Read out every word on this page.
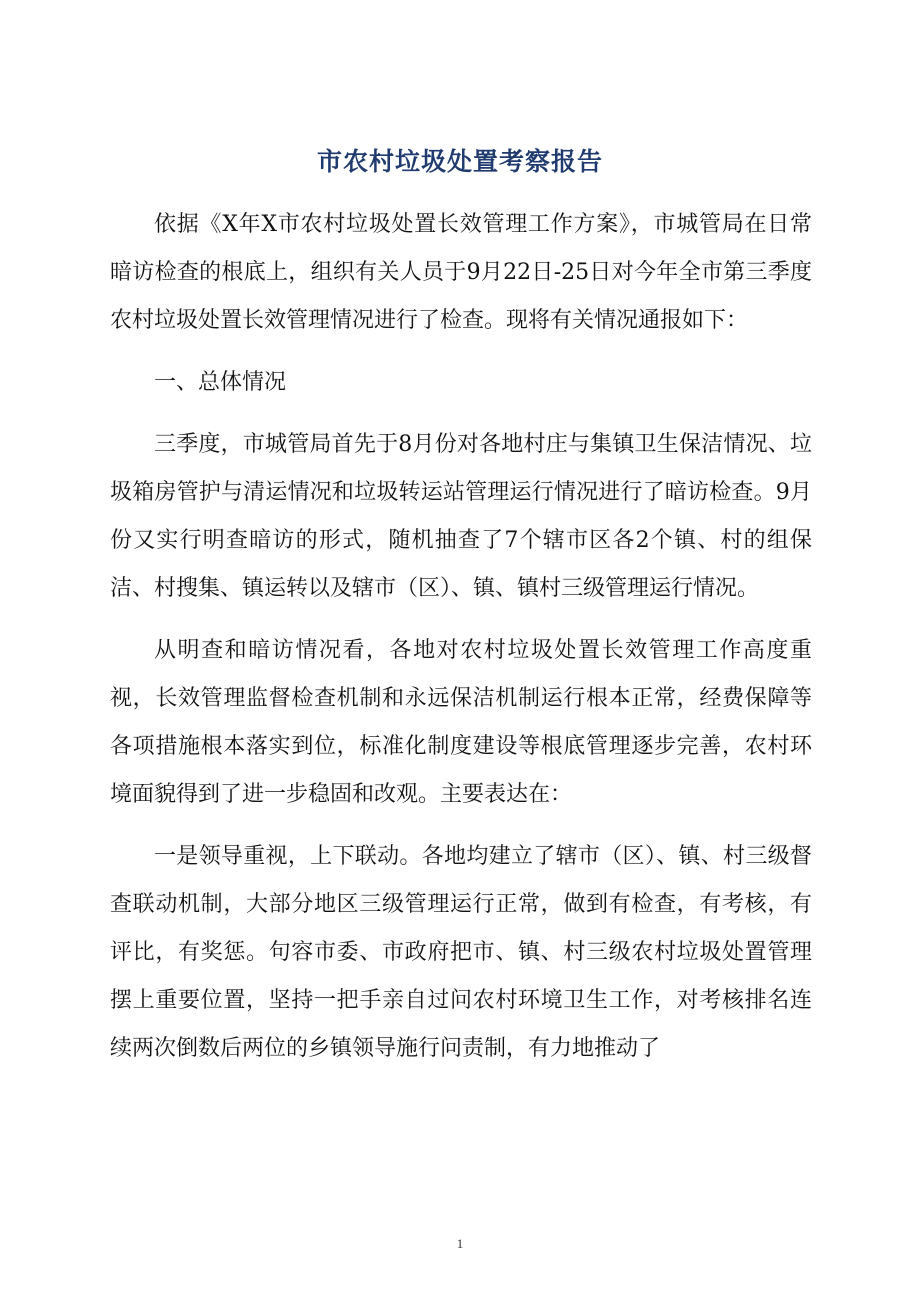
市农村垃圾处置考察报告

依据《X年X市农村垃圾处置长效管理工作方案》，市城管局在日常暗访检查的根底上，组织有关人员于9月22日-25日对今年全市第三季度农村垃圾处置长效管理情况进行了检查。现将有关情况通报如下：

一、总体情况

三季度，市城管局首先于8月份对各地村庄与集镇卫生保洁情况、垃圾箱房管护与清运情况和垃圾转运站管理运行情况进行了暗访检查。9月份又实行明查暗访的形式，随机抽查了7个辖市区各2个镇、村的组保洁、村搜集、镇运转以及辖市（区）、镇、镇村三级管理运行情况。

从明查和暗访情况看，各地对农村垃圾处置长效管理工作高度重视，长效管理监督检查机制和永远保洁机制运行根本正常，经费保障等各项措施根本落实到位，标准化制度建设等根底管理逐步完善，农村环境面貌得到了进一步稳固和改观。主要表达在：

一是领导重视，上下联动。各地均建立了辖市（区）、镇、村三级督查联动机制，大部分地区三级管理运行正常，做到有检查，有考核，有评比，有奖惩。句容市委、市政府把市、镇、村三级农村垃圾处置管理摆上重要位置，坚持一把手亲自过问农村环境卫生工作，对考核排名连续两次倒数后两位的乡镇领导施行问责制，有力地推动了

1
